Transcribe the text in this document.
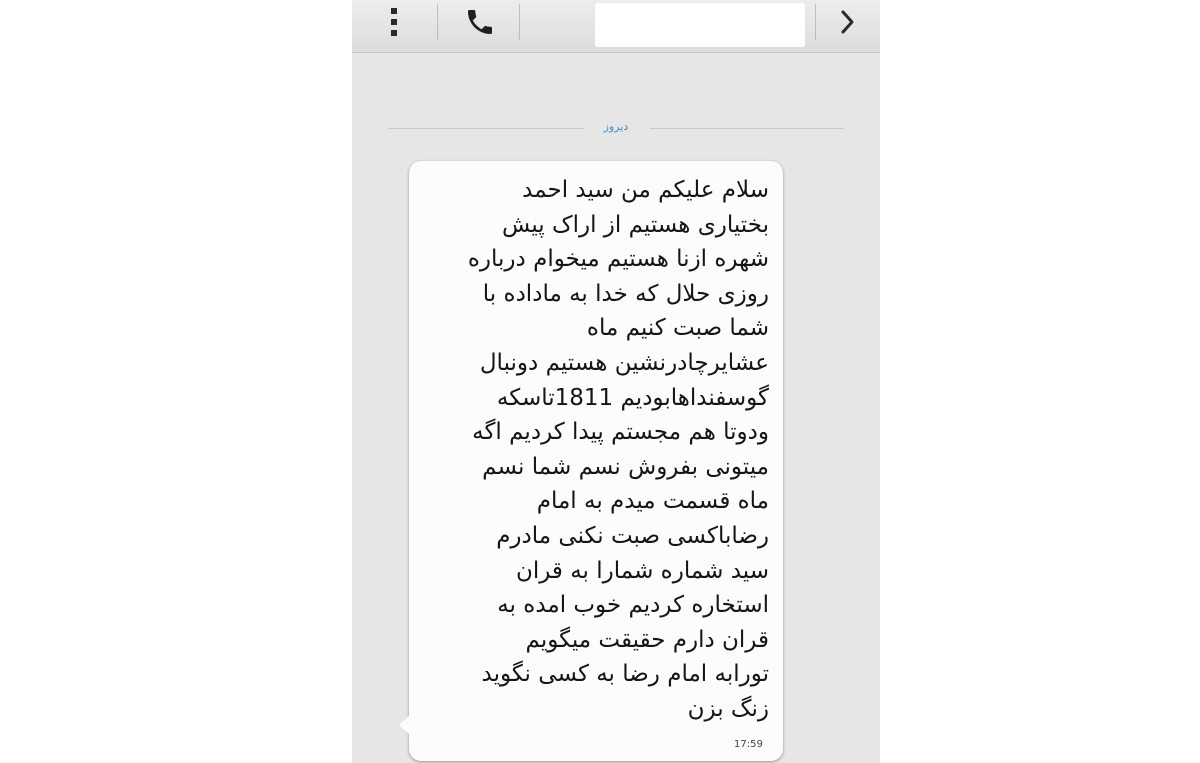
دیروز

سلام علیکم من سید احمد
بختیاری هستیم از اراک پیش
شهره ازنا هستیم میخوام درباره
روزی حلال که خدا به ماداده با
شما صبت کنیم ماه
عشایرچادرنشین هستیم دونبال
گوسفنداهابودیم 1811تاسکه
ودوتا هم مجستم پیدا کردیم اگه
میتونی بفروش نسم شما نسم
ماه قسمت میدم به امام
رضاباکسی صبت نکنی مادرم
سید شماره شمارا به قران
استخاره کردیم خوب امده به
قران دارم حقیقت میگویم
تورابه امام رضا به کسی نگوید
زنگ بزن

17:59
